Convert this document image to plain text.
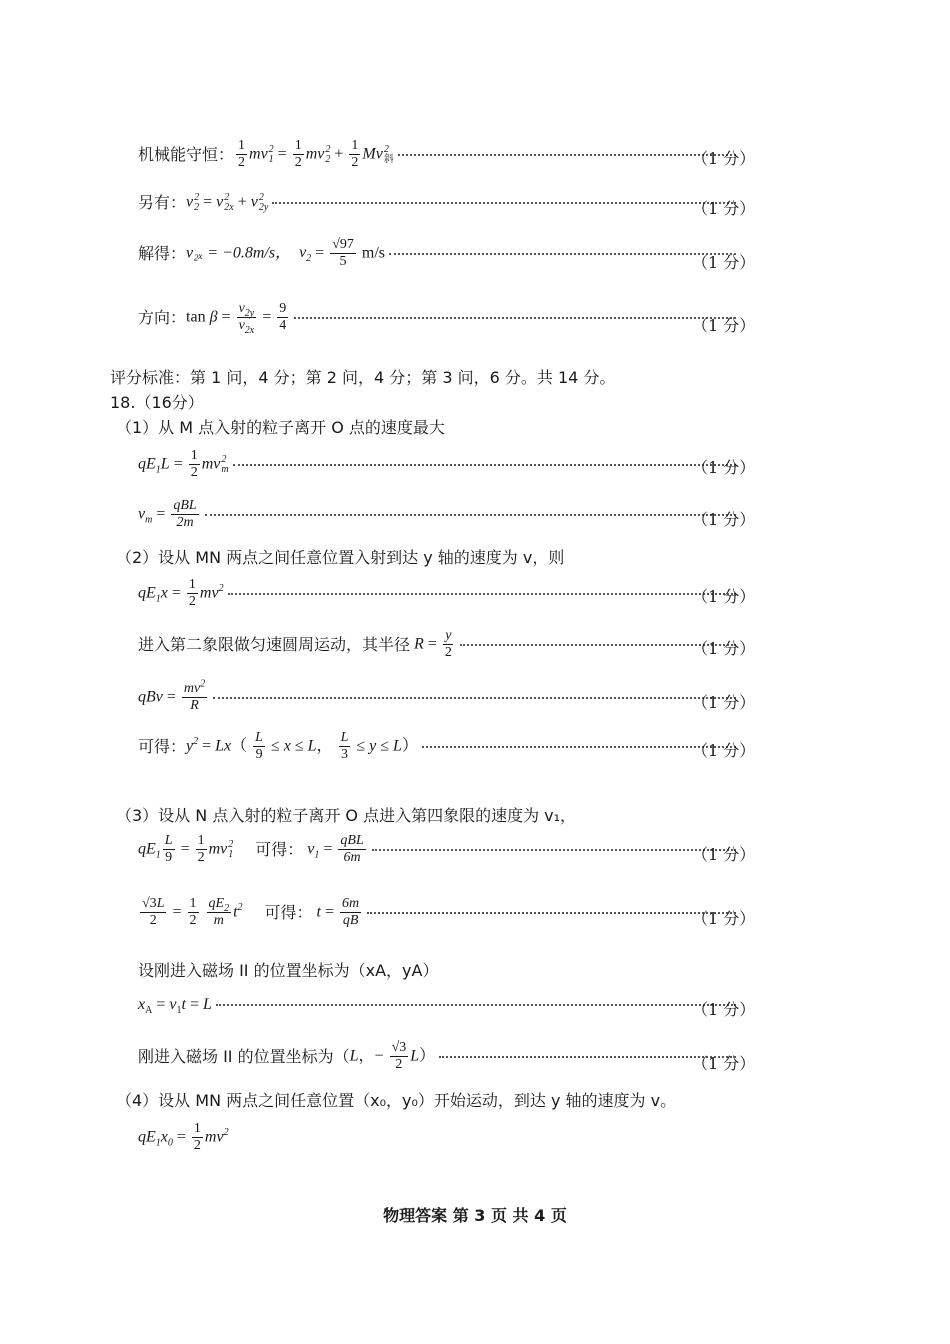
机械能守恒： $\frac{1}{2}$ mv 2
$1 = \frac{1}{2}$ mv 2
$2 + \frac{1}{2}$ Mv 2
斜	（1 分）
另有： v 2
2 = v 2
2x + v 2
2y	（1 分）
解得： v₂ₓ = −0.8m/s，  $v_2 = \frac{√97}{5} m/s$
（1 分）
方向： $\tan \beta = \frac{v_{2y}}{v_{2x}} = \frac{9}{4}$	（1 分）
评分标准：第 1 问，4 分；第 2 问，4 分；第 3 问，6 分。共 14 分。
18.（16分）
（1）从 M 点入射的粒子离开 O 点的速度最大
$qE_1L = \frac{1}{2}$ mv 2
m	（1 分）
$v_m = \frac{\text{qBL}}{2m}$	（1 分）
（2）设从 MN 两点之间任意位置入射到达 y 轴的速度为 v，则
$qE_1x = \frac{1}{2} mv^2$	（1 分）
进入第二象限做匀速圆周运动，其半径 $R = \frac{y}{2}$	（1 分）
qBv = $\frac{mv^2}{R}$	（1 分）
可得： $y^2 = Lx( \frac{L}{9} \le x \le L$， $\frac{L}{3} \le y \le L$）	（1 分）
（3）设从 N 点入射的粒子离开 O 点进入第四象限的速度为 v₁，
$qE_1 \frac{L}{9} = \frac{1}{2}$ mv 2
1 可得： $v_1 = \frac{\text{qBL}}{6m}$	（1 分）
$\frac{√3L}{2} = \frac{1}{2}$
$\frac{qE_2}{m} t^2$ 可得： $t = \frac{6m}{qB}$	（1 分）
设刚进入磁场 II 的位置坐标为（xA，yA）
$x_A = v_1t = L$	（1 分）
刚进入磁场 II 的位置坐标为（ L，− $\frac{√3}{2} L$）	（1 分）
（4）设从 MN 两点之间任意位置（x₀，y₀）开始运动，到达 y 轴的速度为 v。
$qE_1x_0 = \frac{1}{2} mv^2$
物理答案 第 3 页 共 4 页
